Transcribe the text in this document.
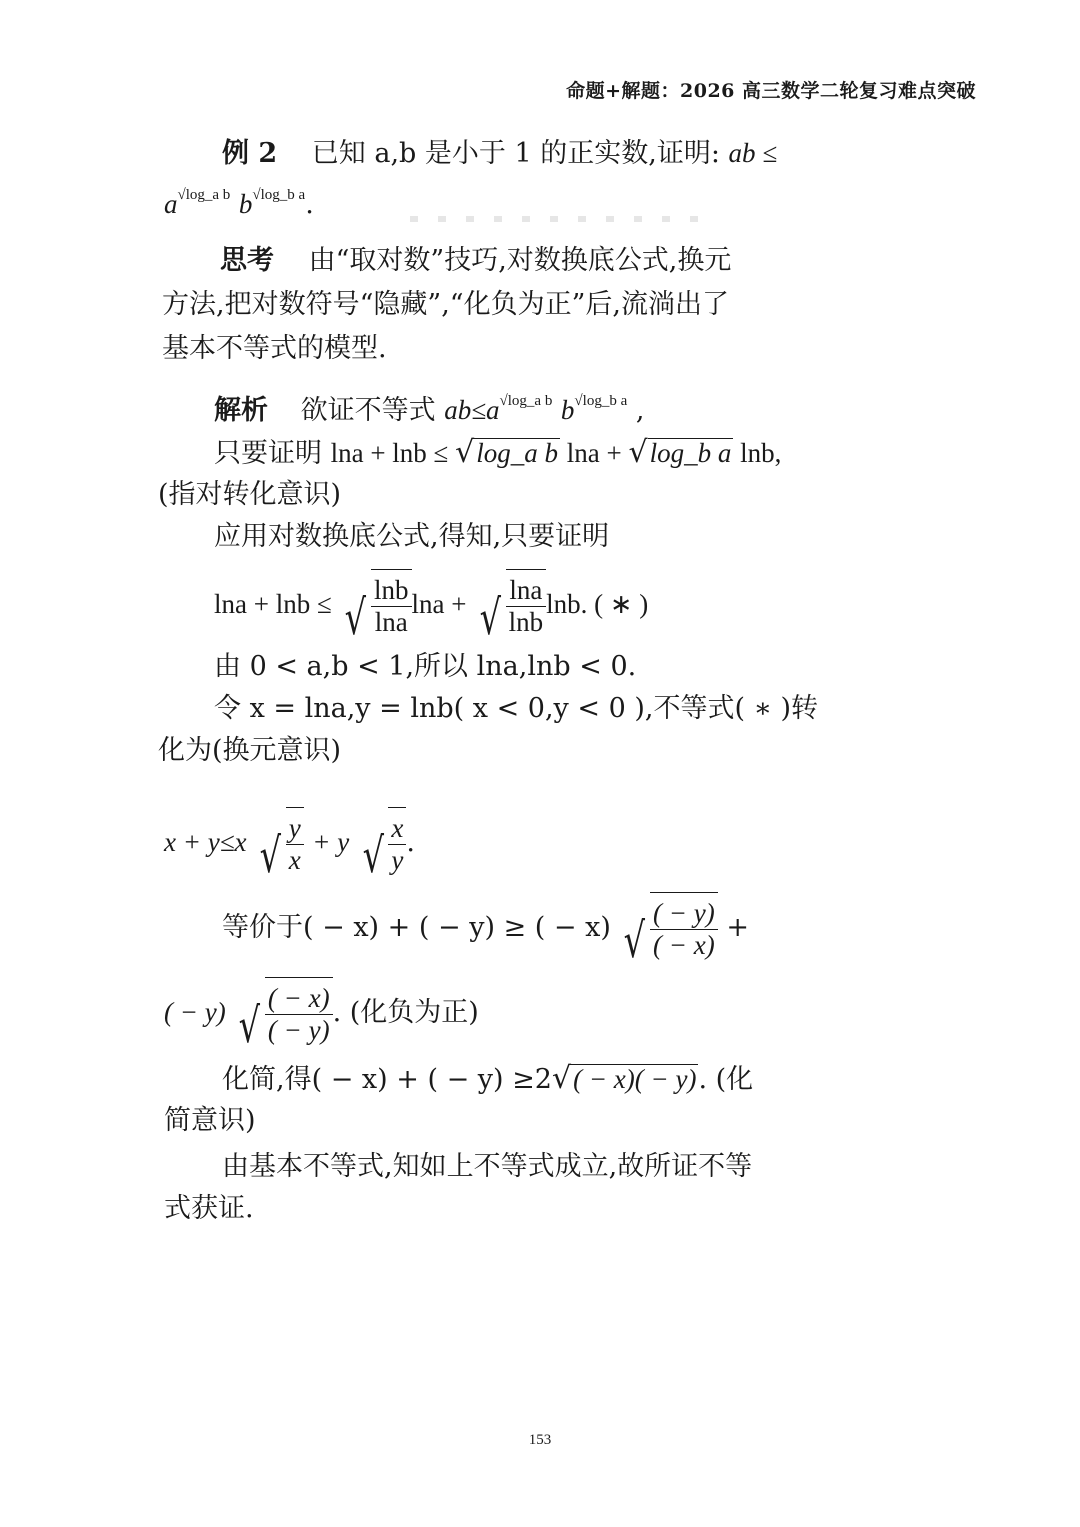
命题+解题：2026 高三数学二轮复习难点突破
例 2 已知 a,b 是小于 1 的正实数,证明: ab ≤
$a^{√log\_a b}$ $b^{√log\_b a}$.
思考 由“取对数”技巧,对数换底公式,换元
方法,把对数符号“隐藏”,“化负为正”后,流淌出了
基本不等式的模型.
解析 欲证不等式 $ab\le a^{√log\_a b}$ $b^{√log\_b a}$ ,
只要证明 lna + lnb ≤ √log_a b lna + √log_b a lnb,
(指对转化意识)
应用对数换底公式,得知,只要证明
lna + lnb ≤ √ $\frac{\ln b}{\ln a}$ lna + √ $\frac{\ln a}{\ln b} \ln b$. ( ∗ )
由 0 < a,b < 1,所以 lna,lnb < 0.
令 x = lna,y = lnb( x < 0,y < 0 ),不等式( ∗ )转
化为(换元意识)
x + y≤x √ $\frac{y}{x} + y$ √ $\frac{x}{y}$ .
等价于( − x) + ( − y) ≥ ( − x) √ $\frac{( - y)}{( - x)}$ +
( − y) √ $\frac{( - x)}{( - y)}$ . (化负为正)
化简,得( − x) + ( − y) ≥2√( − x)( − y). (化
简意识)
由基本不等式,知如上不等式成立,故所证不等
式获证.
153
